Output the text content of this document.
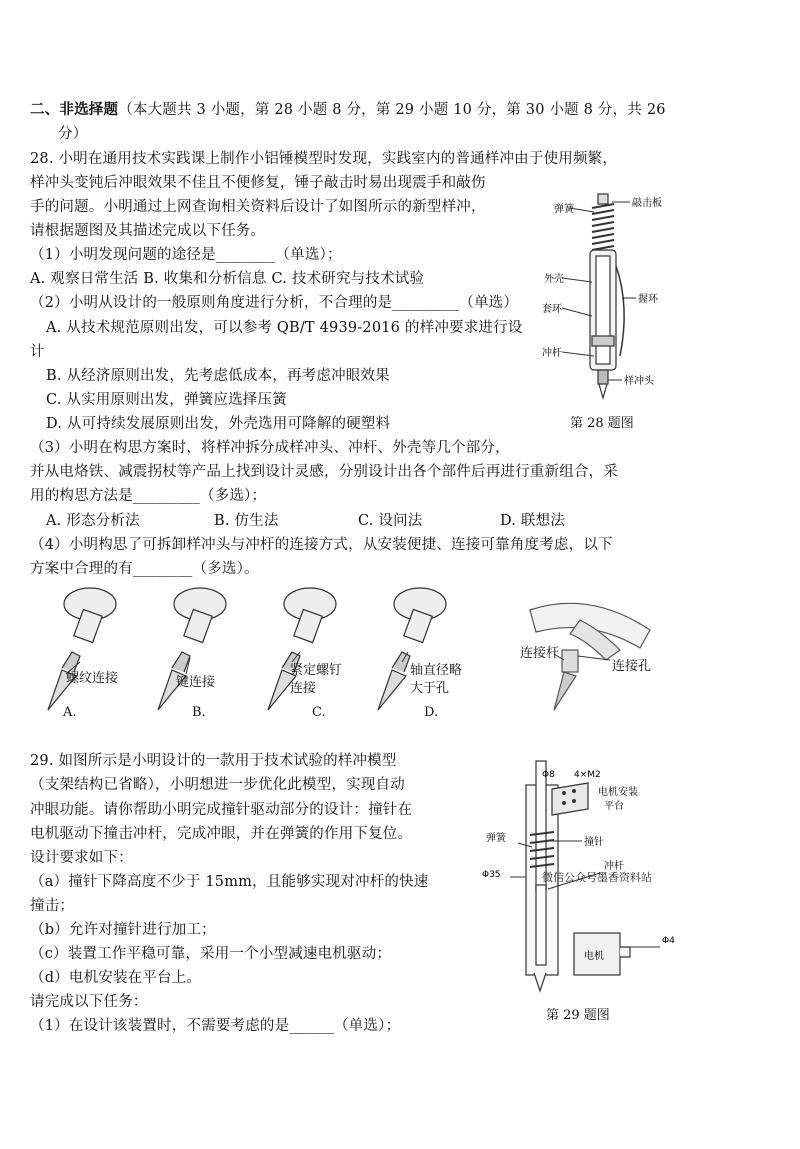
二、非选择题（本大题共 3 小题，第 28 小题 8 分，第 29 小题 10 分，第 30 小题 8 分，共 26
分）
28. 小明在通用技术实践课上制作小铝锤模型时发现，实践室内的普通样冲由于使用频繁，
样冲头变钝后冲眼效果不佳且不便修复，锤子敲击时易出现震手和敲伤
手的问题。小明通过上网查询相关资料后设计了如图所示的新型样冲，
请根据题图及其描述完成以下任务。
（1）小明发现问题的途径是________（单选）；
A. 观察日常生活 B. 收集和分析信息 C. 技术研究与技术试验
（2）小明从设计的一般原则角度进行分析，不合理的是_________（单选）
A. 从技术规范原则出发，可以参考 QB/T 4939-2016 的样冲要求进行设
计
B. 从经济原则出发，先考虑低成本，再考虑冲眼效果
C. 从实用原则出发，弹簧应选择压簧
D. 从可持续发展原则出发，外壳选用可降解的硬塑料
（3）小明在构思方案时，将样冲拆分成样冲头、冲杆、外壳等几个部分，
并从电烙铁、减震拐杖等产品上找到设计灵感，分别设计出各个部件后再进行重新组合，采
用的构思方法是_________（多选）；
A. 形态分析法	B. 仿生法	C. 设问法	D. 联想法
（4）小明构思了可拆卸样冲头与冲杆的连接方式，从安装便捷、连接可靠角度考虑，以下
方案中合理的有________（多选）。
弹簧
敲击板
外壳
握环
套环
冲杆
样冲头
第 28 题图
螺纹连接	键连接
紧定螺钉
连接
轴直径略
大于孔
A.	B.	C.	D.
连接杆
连接孔
29. 如图所示是小明设计的一款用于技术试验的样冲模型
（支架结构已省略），小明想进一步优化此模型，实现自动
冲眼功能。请你帮助小明完成撞针驱动部分的设计：撞针在
电机驱动下撞击冲杆，完成冲眼，并在弹簧的作用下复位。
设计要求如下：
（a）撞针下降高度不少于 15mm，且能够实现对冲杆的快速
撞击；
（b）允许对撞针进行加工；
（c）装置工作平稳可靠，采用一个小型减速电机驱动；
（d）电机安装在平台上。
请完成以下任务：
（1）在设计该装置时，不需要考虑的是______（单选）；
Φ8 4×M2
电机安装
平台
弹簧	撞针
Φ35
冲杆
微信公众号墨香资料站
电机
Φ4
第 29 题图
